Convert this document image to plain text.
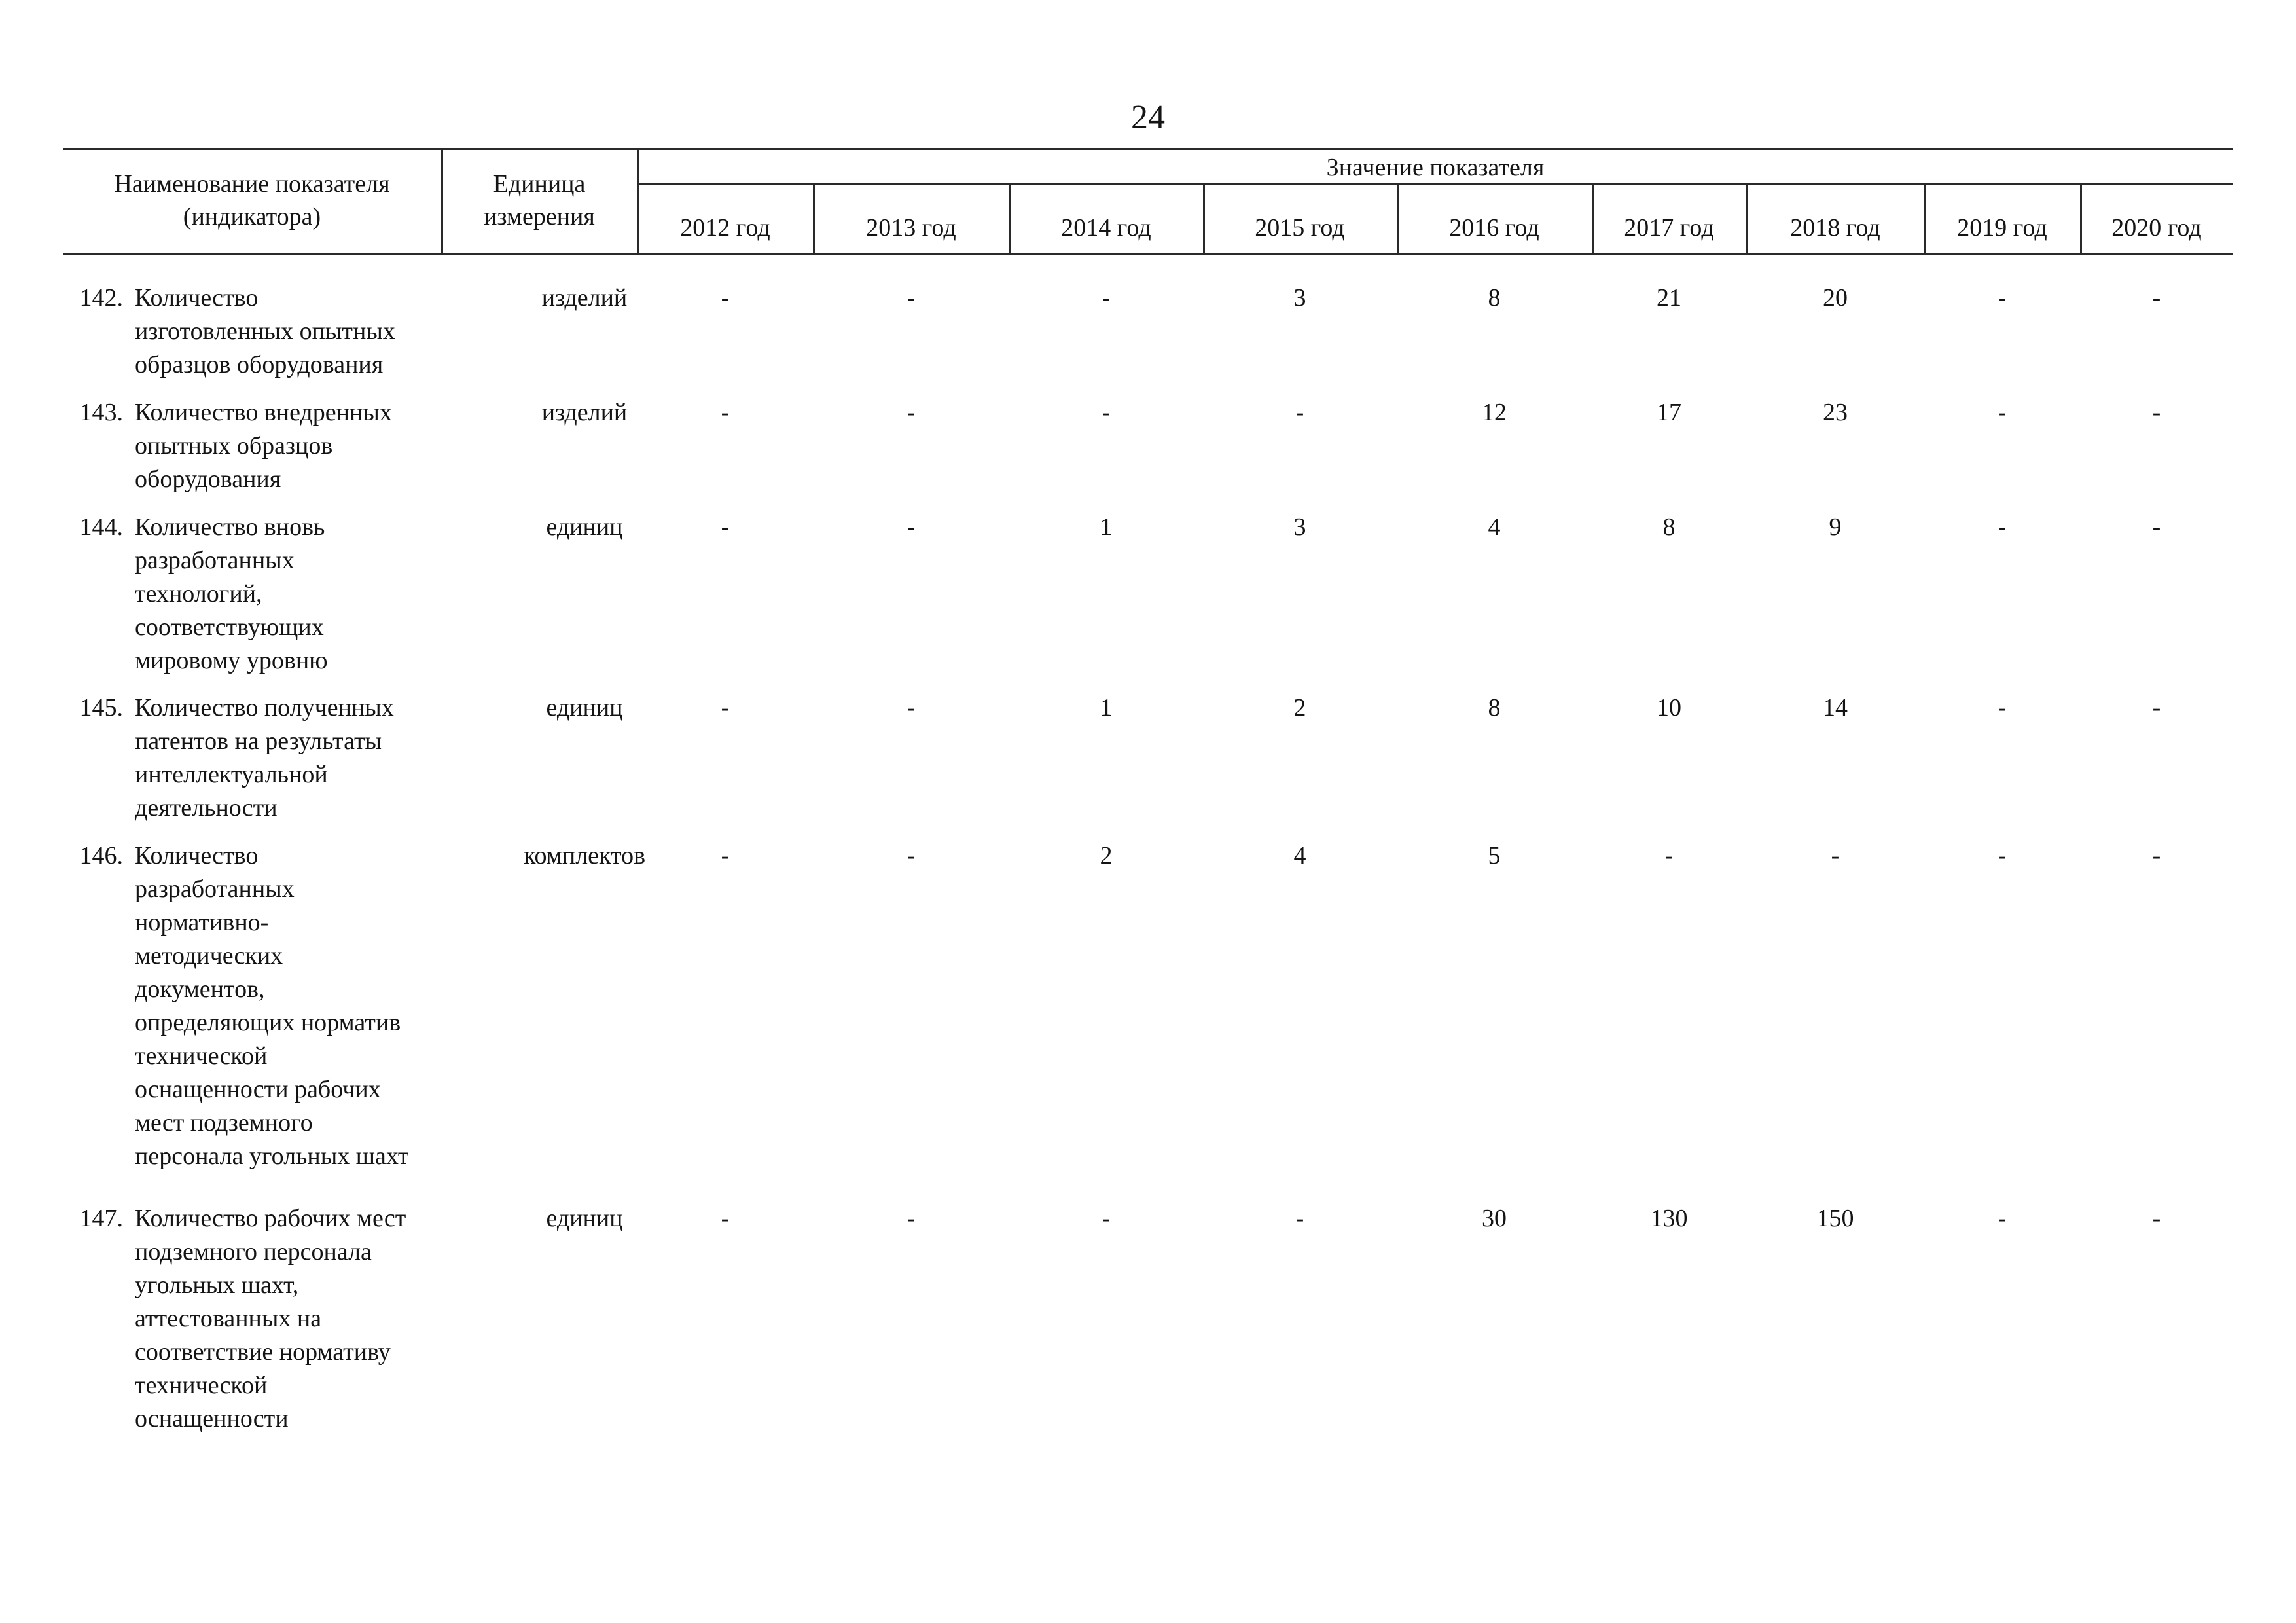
24
Наименование показателя
(индикатора)
Единица
измерения
Значение показателя
2012 год	2013 год	2014 год	2015 год	2016 год	2017 год	2018 год	2019 год	2020 год
142. Количество
изготовленных опытных
образцов оборудования
изделий	-	-	-	3	8	21	20	-	-
143. Количество внедренных
опытных образцов
оборудования
изделий	-	-	-	-	12	17	23	-	-
144. Количество вновь
разработанных
технологий,
соответствующих
мировому уровню
единиц	-	-	1	3	4	8	9	-	-
145. Количество полученных
патентов на результаты
интеллектуальной
деятельности
единиц	-	-	1	2	8	10	14	-	-
146. Количество
разработанных
нормативно-
методических
документов,
определяющих норматив
технической
оснащенности рабочих
мест подземного
персонала угольных шахт
комплектов	-	-	2	4	5	-	-	-	-
147. Количество рабочих мест
подземного персонала
угольных шахт,
аттестованных на
соответствие нормативу
технической
оснащенности
единиц	-	-	-	-	30	130	150	-	-
